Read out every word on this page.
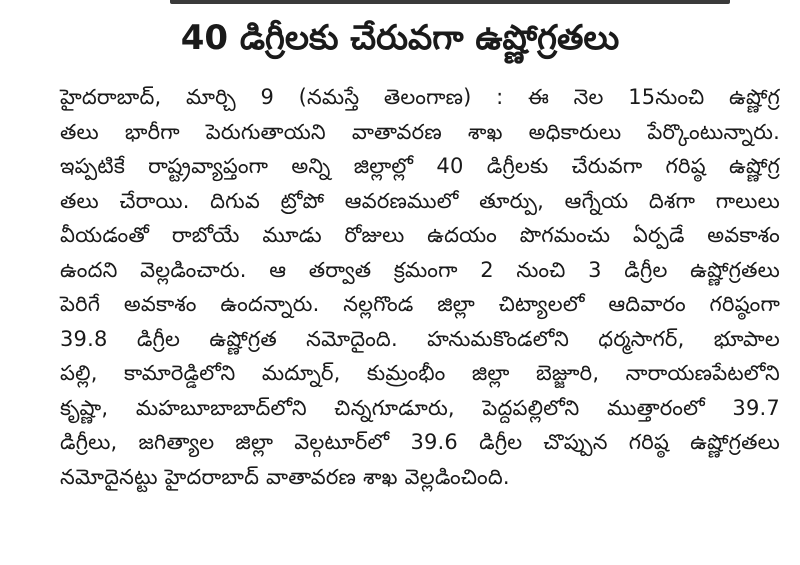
40 డిగ్రీలకు చేరువగా ఉష్ణోగ్రతలు
హైదరాబాద్, మార్చి 9 (నమస్తే తెలంగాణ) : ఈ నెల 15నుంచి ఉష్ణోగ్ర
తలు భారీగా పెరుగుతాయని వాతావరణ శాఖ అధికారులు పేర్కొంటున్నారు.
ఇప్పటికే రాష్ట్రవ్యాప్తంగా అన్ని జిల్లాల్లో 40 డిగ్రీలకు చేరువగా గరిష్ఠ ఉష్ణోగ్ర
తలు చేరాయి. దిగువ ట్రోపో ఆవరణములో తూర్పు, ఆగ్నేయ దిశగా గాలులు
వీయడంతో రాబోయే మూడు రోజులు ఉదయం పొగమంచు ఏర్పడే అవకాశం
ఉందని వెల్లడించారు. ఆ తర్వాత క్రమంగా 2 నుంచి 3 డిగ్రీల ఉష్ణోగ్రతలు
పెరిగే అవకాశం ఉందన్నారు. నల్లగొండ జిల్లా చిట్యాలలో ఆదివారం గరిష్ఠంగా
39.8 డిగ్రీల ఉష్ణోగ్రత నమోదైంది. హనుమకొండలోని ధర్మసాగర్, భూపాల
పల్లి, కామారెడ్డిలోని మద్నూర్, కుమ్రంభీం జిల్లా బెజ్జూరి, నారాయణపేటలోని
కృష్ణా, మహబూబాబాద్‌లోని చిన్నగూడూరు, పెద్దపల్లిలోని ముత్తారంలో 39.7
డిగ్రీలు, జగిత్యాల జిల్లా వెల్గటూర్‌లో 39.6 డిగ్రీల చొప్పున గరిష్ఠ ఉష్ణోగ్రతలు
నమోదైనట్టు హైదరాబాద్ వాతావరణ శాఖ వెల్లడించింది.
